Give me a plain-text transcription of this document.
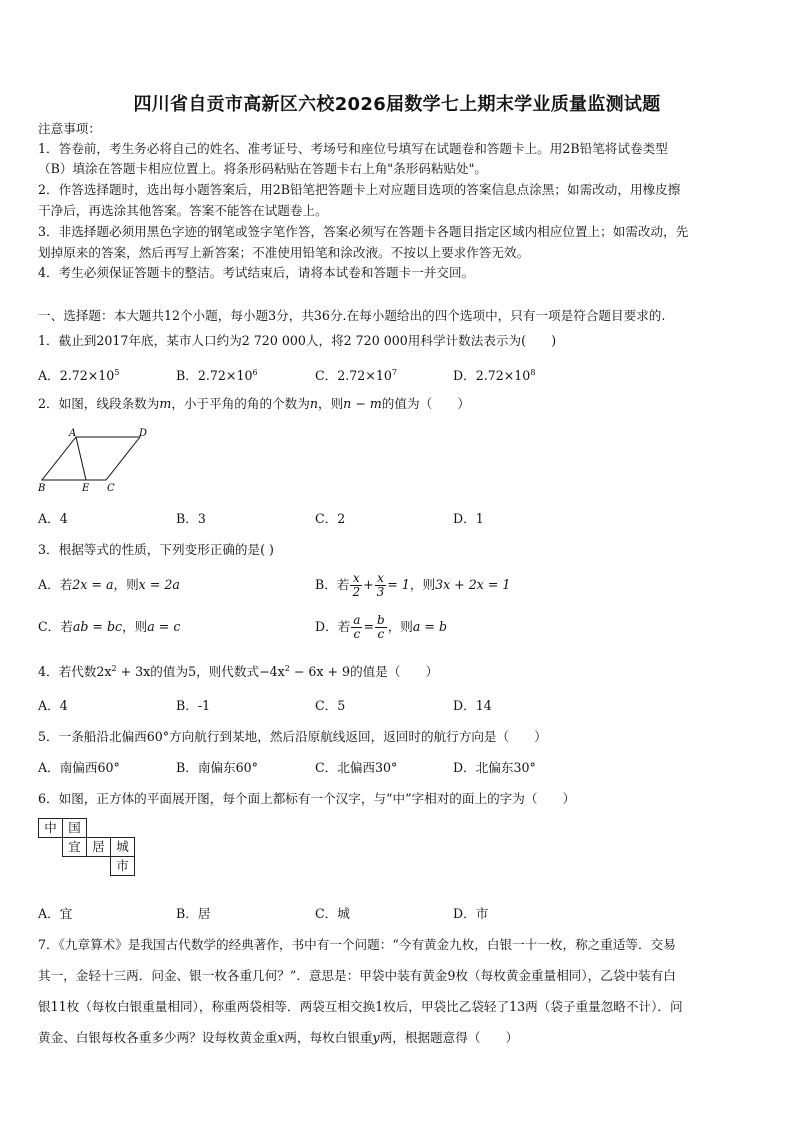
四川省自贡市高新区六校2026届数学七上期末学业质量监测试题
注意事项：
1．答卷前，考生务必将自己的姓名、准考证号、考场号和座位号填写在试题卷和答题卡上。用2B铅笔将试卷类型
（B）填涂在答题卡相应位置上。将条形码粘贴在答题卡右上角"条形码粘贴处"。
2．作答选择题时，选出每小题答案后，用2B铅笔把答题卡上对应题目选项的答案信息点涂黑；如需改动，用橡皮擦
干净后，再选涂其他答案。答案不能答在试题卷上。
3．非选择题必须用黑色字迹的钢笔或签字笔作答，答案必须写在答题卡各题目指定区域内相应位置上；如需改动，先
划掉原来的答案，然后再写上新答案；不准使用铅笔和涂改液。不按以上要求作答无效。
4．考生必须保证答题卡的整洁。考试结束后，请将本试卷和答题卡一并交回。
一、选择题：本大题共12个小题，每小题3分，共36分.在每小题给出的四个选项中，只有一项是符合题目要求的.
1．截止到2017年底，某市人口约为2 720 000人，将2 720 000用科学计数法表示为(　　)
A．$2.72\times 10^5$	B．$2.72\times 10^6$	C．$2.72\times 10^7$	D．$2.72\times 10^8$
2．如图，线段条数为m，小于平角的角的个数为n，则n − m的值为（　　）
A	D
B	E C
A．4	B．3	C．2	D．1
3．根据等式的性质，下列变形正确的是( )
A．若2x = a，则x = 2a	B．若 $\frac{x}{2} + \frac{x}{3} = 1$，则3x + 2x = 1
C．若ab = bc，则a = c	D．若 $\frac{a}{c} = \frac{b}{c}$ ，则a = b
4．若代数$2x^2 + 3x$的值为5，则代数式$-4x^2 - 6x + 9$的值是（　　）
A．4	B．-1	C．5	D．14
5．一条船沿北偏西60°方向航行到某地，然后沿原航线返回，返回时的航行方向是（　　）
A．南偏西60°	B．南偏东60°	C．北偏西30°	D．北偏东30°
6．如图，正方体的平面展开图，每个面上都标有一个汉字，与“中”字相对的面上的字为（　　）
中 国
宜 居 城
市
A．宜	B．居	C．城	D．市
7．《九章算术》是我国古代数学的经典著作，书中有一个问题：“今有黄金九枚，白银一十一枚，称之重适等．交易
其一，金轻十三两．问金、银一枚各重几何？”．意思是：甲袋中装有黄金9枚（每枚黄金重量相同），乙袋中装有白
银11枚（每枚白银重量相同），称重两袋相等．两袋互相交换1枚后，甲袋比乙袋轻了13两（袋子重量忽略不计）．问
黄金、白银每枚各重多少两？设每枚黄金重x两，每枚白银重y两，根据题意得（　　）
